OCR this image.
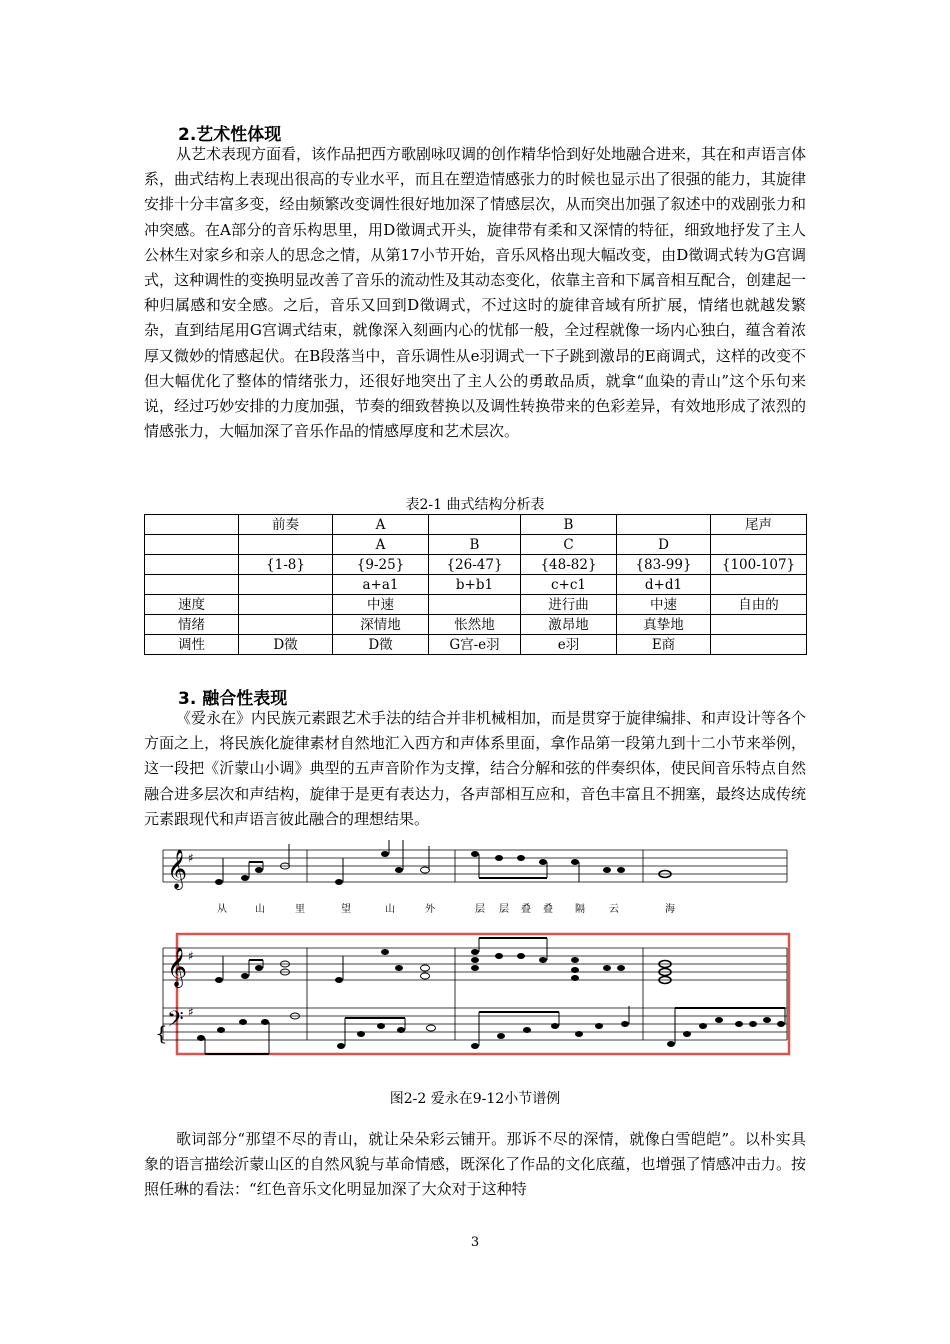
2.艺术性体现

从艺术表现方面看，该作品把西方歌剧咏叹调的创作精华恰到好处地融合进来，其在和声语言体系，曲式结构上表现出很高的专业水平，而且在塑造情感张力的时候也显示出了很强的能力，其旋律安排十分丰富多变，经由频繁改变调性很好地加深了情感层次，从而突出加强了叙述中的戏剧张力和冲突感。在A部分的音乐构思里，用D徵调式开头，旋律带有柔和又深情的特征，细致地抒发了主人公林生对家乡和亲人的思念之情，从第17小节开始，音乐风格出现大幅改变，由D徵调式转为G宫调式，这种调性的变换明显改善了音乐的流动性及其动态变化，依靠主音和下属音相互配合，创建起一种归属感和安全感。之后，音乐又回到D徵调式，不过这时的旋律音域有所扩展，情绪也就越发繁杂，直到结尾用G宫调式结束，就像深入刻画内心的忧郁一般，全过程就像一场内心独白，蕴含着浓厚又微妙的情感起伏。在B段落当中，音乐调性从e羽调式一下子跳到激昂的E商调式，这样的改变不但大幅优化了整体的情绪张力，还很好地突出了主人公的勇敢品质，就拿“血染的青山”这个乐句来说，经过巧妙安排的力度加强，节奏的细致替换以及调性转换带来的色彩差异，有效地形成了浓烈的情感张力，大幅加深了音乐作品的情感厚度和艺术层次。

表2-1 曲式结构分析表

	前奏	A		B		尾声
		A	B	C	D	
	{1-8}	{9-25}	{26-47}	{48-82}	{83-99}	{100-107}
		a+a1	b+b1	c+c1	d+d1	
速度		中速		进行曲	中速	自由的
情绪		深情地	怅然地	激昂地	真挚地	
调性	D徵	D徵	G宫-e羽	e羽	E商	
3. 融合性表现

《爱永在》内民族元素跟艺术手法的结合并非机械相加，而是贯穿于旋律编排、和声设计等各个方面之上，将民族化旋律素材自然地汇入西方和声体系里面，拿作品第一段第九到十二小节来举例，这一段把《沂蒙山小调》典型的五声音阶作为支撑，结合分解和弦的伴奏织体，使民间音乐特点自然融合进多层次和声结构，旋律于是更有表达力，各声部相互应和，音色丰富且不拥塞，最终达成传统元素跟现代和声语言彼此融合的理想结果。

𝄞 ♯
从	山	里	望	山	外	层 层 叠 叠 隔 云	海
{
𝄞 ♯
𝄢 ♯

图2-2 爱永在9-12小节谱例

歌词部分“那望不尽的青山，就让朵朵彩云铺开。那诉不尽的深情，就像白雪皑皑”。以朴实具象的语言描绘沂蒙山区的自然风貌与革命情感，既深化了作品的文化底蕴，也增强了情感冲击力。按照任琳的看法：“红色音乐文化明显加深了大众对于这种特

3
